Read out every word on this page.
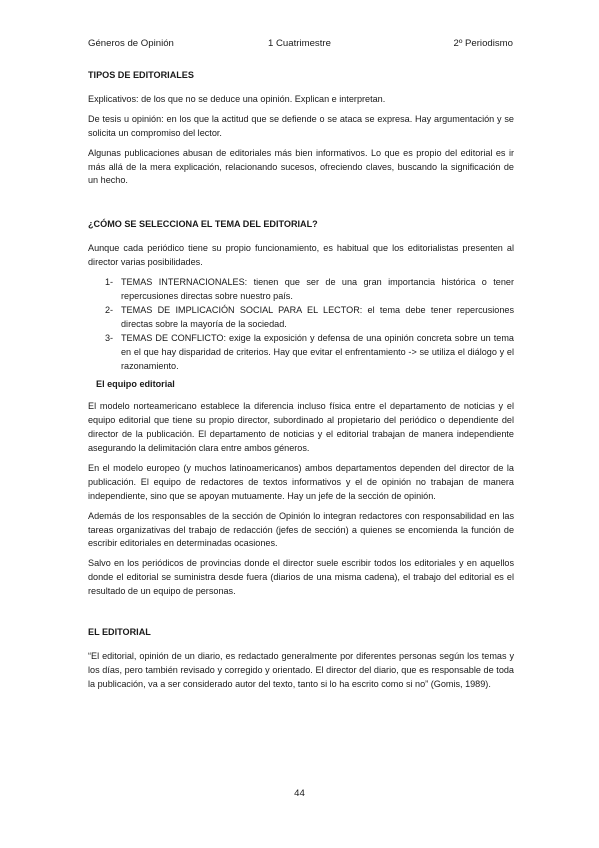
Géneros de Opinión	1 Cuatrimestre	2º Periodismo

TIPOS DE EDITORIALES

Explicativos: de los que no se deduce una opinión. Explican e interpretan.

De tesis u opinión: en los que la actitud que se defiende o se ataca se expresa. Hay argumentación y se solicita un compromiso del lector.

Algunas publicaciones abusan de editoriales más bien informativos. Lo que es propio del editorial es ir más allá de la mera explicación, relacionando sucesos, ofreciendo claves, buscando la significación de un hecho.

¿CÓMO SE SELECCIONA EL TEMA DEL EDITORIAL?

Aunque cada periódico tiene su propio funcionamiento, es habitual que los editorialistas presenten al director varias posibilidades.

1- TEMAS INTERNACIONALES: tienen que ser de una gran importancia histórica o tener repercusiones directas sobre nuestro país.
2- TEMAS DE IMPLICACIÓN SOCIAL PARA EL LECTOR: el tema debe tener repercusiones directas sobre la mayoría de la sociedad.
3- TEMAS DE CONFLICTO: exige la exposición y defensa de una opinión concreta sobre un tema en el que hay disparidad de criterios. Hay que evitar el enfrentamiento -> se utiliza el diálogo y el razonamiento.

El equipo editorial

El modelo norteamericano establece la diferencia incluso física entre el departamento de noticias y el equipo editorial que tiene su propio director, subordinado al propietario del periódico o dependiente del director de la publicación. El departamento de noticias y el editorial trabajan de manera independiente asegurando la delimitación clara entre ambos géneros.

En el modelo europeo (y muchos latinoamericanos) ambos departamentos dependen del director de la publicación. El equipo de redactores de textos informativos y el de opinión no trabajan de manera independiente, sino que se apoyan mutuamente. Hay un jefe de la sección de opinión.

Además de los responsables de la sección de Opinión lo integran redactores con responsabilidad en las tareas organizativas del trabajo de redacción (jefes de sección) a quienes se encomienda la función de escribir editoriales en determinadas ocasiones.

Salvo en los periódicos de provincias donde el director suele escribir todos los editoriales y en aquellos donde el editorial se suministra desde fuera (diarios de una misma cadena), el trabajo del editorial es el resultado de un equipo de personas.

EL EDITORIAL

“El editorial, opinión de un diario, es redactado generalmente por diferentes personas según los temas y los días, pero también revisado y corregido y orientado. El director del diario, que es responsable de toda la publicación, va a ser considerado autor del texto, tanto si lo ha escrito como si no” (Gomis, 1989).

44
